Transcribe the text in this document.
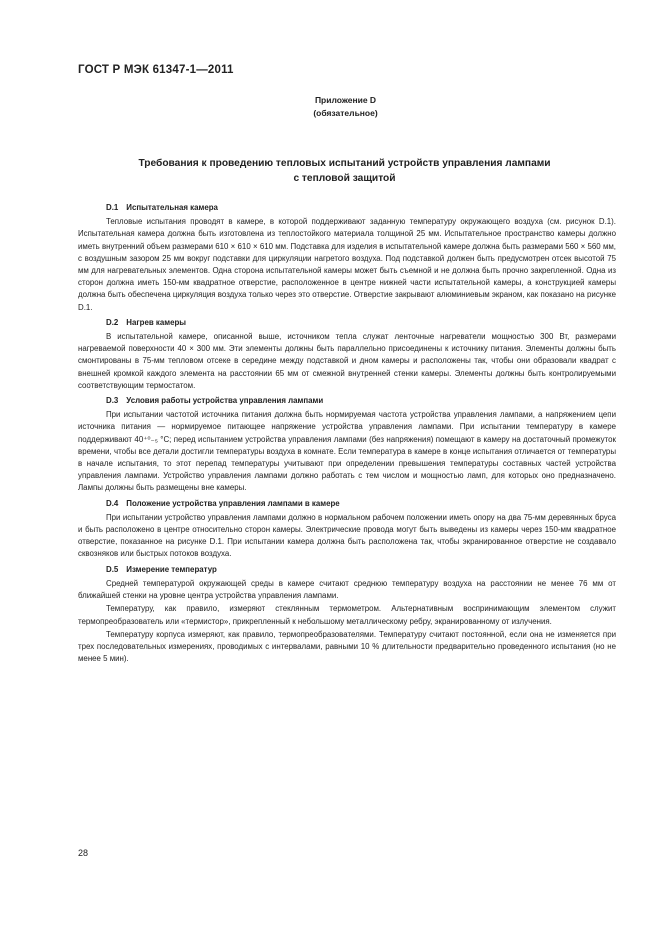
ГОСТ Р МЭК 61347-1—2011
Приложение D
(обязательное)
Требования к проведению тепловых испытаний устройств управления лампами
с тепловой защитой
D.1 Испытательная камера

Тепловые испытания проводят в камере, в которой поддерживают заданную температуру окружающего воздуха (см. рисунок D.1). Испытательная камера должна быть изготовлена из теплостойкого материала толщиной 25 мм. Испытательное пространство камеры должно иметь внутренний объем размерами 610 × 610 × 610 мм. Подставка для изделия в испытательной камере должна быть размерами 560 × 560 мм, с воздушным зазором 25 мм вокруг подставки для циркуляции нагретого воздуха. Под подставкой должен быть предусмотрен отсек высотой 75 мм для нагревательных элементов. Одна сторона испытательной камеры может быть съемной и не должна быть прочно закрепленной. Одна из сторон должна иметь 150-мм квадратное отверстие, расположенное в центре нижней части испытательной камеры, а конструкцией камеры должна быть обеспечена циркуляция воздуха только через это отверстие. Отверстие закрывают алюминиевым экраном, как показано на рисунке D.1.

D.2 Нагрев камеры

В испытательной камере, описанной выше, источником тепла служат ленточные нагреватели мощностью 300 Вт, размерами нагреваемой поверхности 40 × 300 мм. Эти элементы должны быть параллельно присоединены к источнику питания. Элементы должны быть смонтированы в 75-мм тепловом отсеке в середине между подставкой и дном камеры и расположены так, чтобы они образовали квадрат с внешней кромкой каждого элемента на расстоянии 65 мм от смежной внутренней стенки камеры. Элементы должны быть контролируемыми соответствующим термостатом.

D.3 Условия работы устройства управления лампами

При испытании частотой источника питания должна быть нормируемая частота устройства управления лампами, а напряжением цепи источника питания — нормируемое питающее напряжение устройства управления лампами. При испытании температуру в камере поддерживают 40⁺⁰₋₅ °С; перед испытанием устройства управления лампами (без напряжения) помещают в камеру на достаточный промежуток времени, чтобы все детали достигли температуры воздуха в комнате. Если температура в камере в конце испытания отличается от температуры в начале испытания, то этот перепад температуры учитывают при определении превышения температуры составных частей устройства управления лампами. Устройство управления лампами должно работать с тем числом и мощностью ламп, для которых оно предназначено. Лампы должны быть размещены вне камеры.

D.4 Положение устройства управления лампами в камере

При испытании устройство управления лампами должно в нормальном рабочем положении иметь опору на два 75-мм деревянных бруса и быть расположено в центре относительно сторон камеры. Электрические провода могут быть выведены из камеры через 150-мм квадратное отверстие, показанное на рисунке D.1. При испытании камера должна быть расположена так, чтобы экранированное отверстие не создавало сквозняков или быстрых потоков воздуха.

D.5 Измерение температур

Средней температурой окружающей среды в камере считают среднюю температуру воздуха на расстоянии не менее 76 мм от ближайшей стенки на уровне центра устройства управления лампами.

Температуру, как правило, измеряют стеклянным термометром. Альтернативным воспринимающим элементом служит термопреобразователь или «термистор», прикрепленный к небольшому металлическому ребру, экранированному от излучения.

Температуру корпуса измеряют, как правило, термопреобразователями. Температуру считают постоянной, если она не изменяется при трех последовательных измерениях, проводимых с интервалами, равными 10 % длительности предварительно проведенного испытания (но не менее 5 мин).

28
